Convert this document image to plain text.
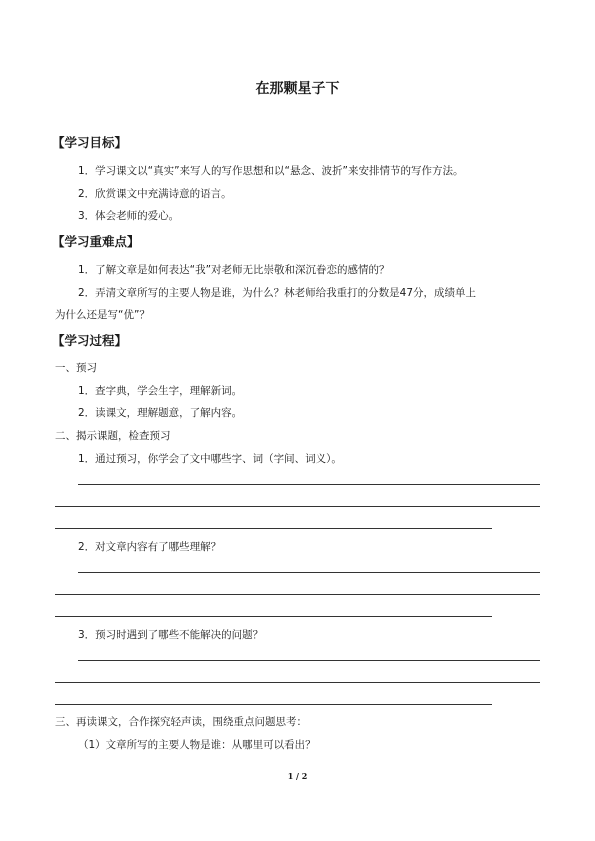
在那颗星子下
【学习目标】
1．学习课文以“真实”来写人的写作思想和以“悬念、波折”来安排情节的写作方法。
2．欣赏课文中充满诗意的语言。
3．体会老师的爱心。
【学习重难点】
1．了解文章是如何表达“我”对老师无比崇敬和深沉眷恋的感情的？
2．弄清文章所写的主要人物是谁，为什么？林老师给我重打的分数是47分，成绩单上
为什么还是写“优”？
【学习过程】
一、预习
1．查字典，学会生字，理解新词。
2．读课文，理解题意，了解内容。
二、揭示课题，检查预习
1．通过预习，你学会了文中哪些字、词（字间、词义）。
2．对文章内容有了哪些理解？
3．预习时遇到了哪些不能解决的问题？
三、再读课文，合作探究轻声读，围绕重点问题思考：
（1）文章所写的主要人物是谁：从哪里可以看出？
1 / 2
